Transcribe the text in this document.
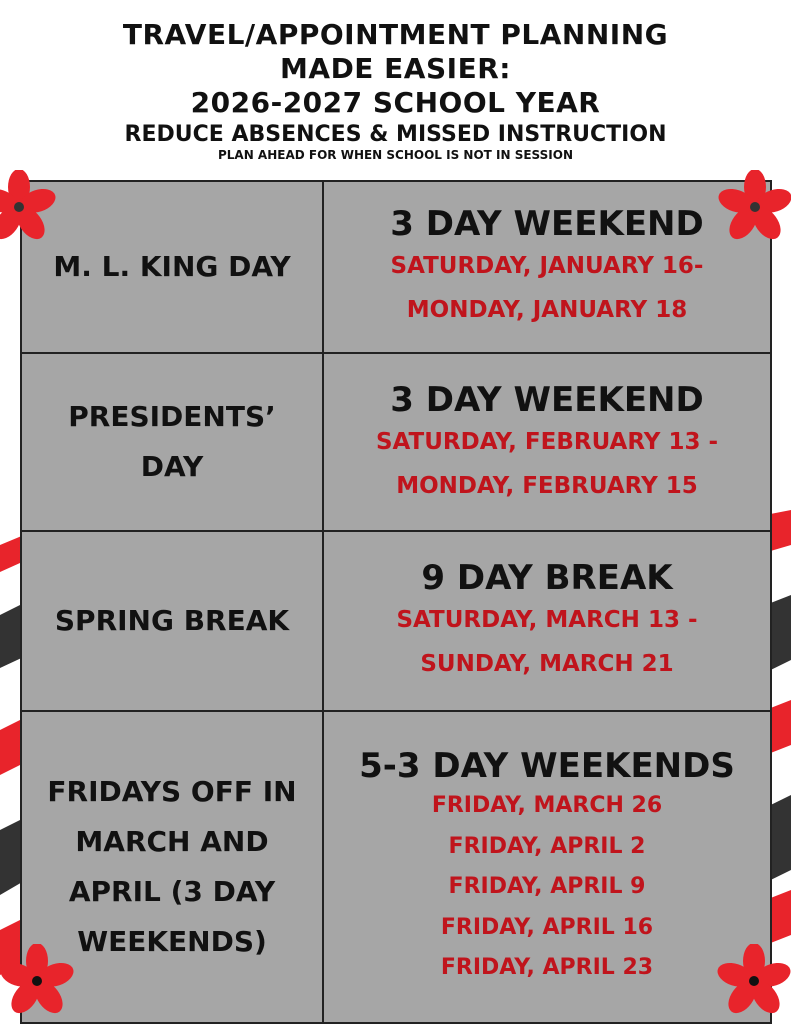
TRAVEL/APPOINTMENT PLANNING
MADE EASIER:
2026-2027 SCHOOL YEAR
REDUCE ABSENCES & MISSED INSTRUCTION
PLAN AHEAD FOR WHEN SCHOOL IS NOT IN SESSION
M. L. KING DAY
3 DAY WEEKEND
SATURDAY, JANUARY 16-
MONDAY, JANUARY 18
PRESIDENTS’ DAY
3 DAY WEEKEND
SATURDAY, FEBRUARY 13 -
MONDAY, FEBRUARY 15
SPRING BREAK
9 DAY BREAK
SATURDAY, MARCH 13 -
SUNDAY, MARCH 21
FRIDAYS OFF IN MARCH AND APRIL (3 DAY WEEKENDS)
5-3 DAY WEEKENDS
FRIDAY, MARCH 26
FRIDAY, APRIL 2
FRIDAY, APRIL 9
FRIDAY, APRIL 16
FRIDAY, APRIL 23
